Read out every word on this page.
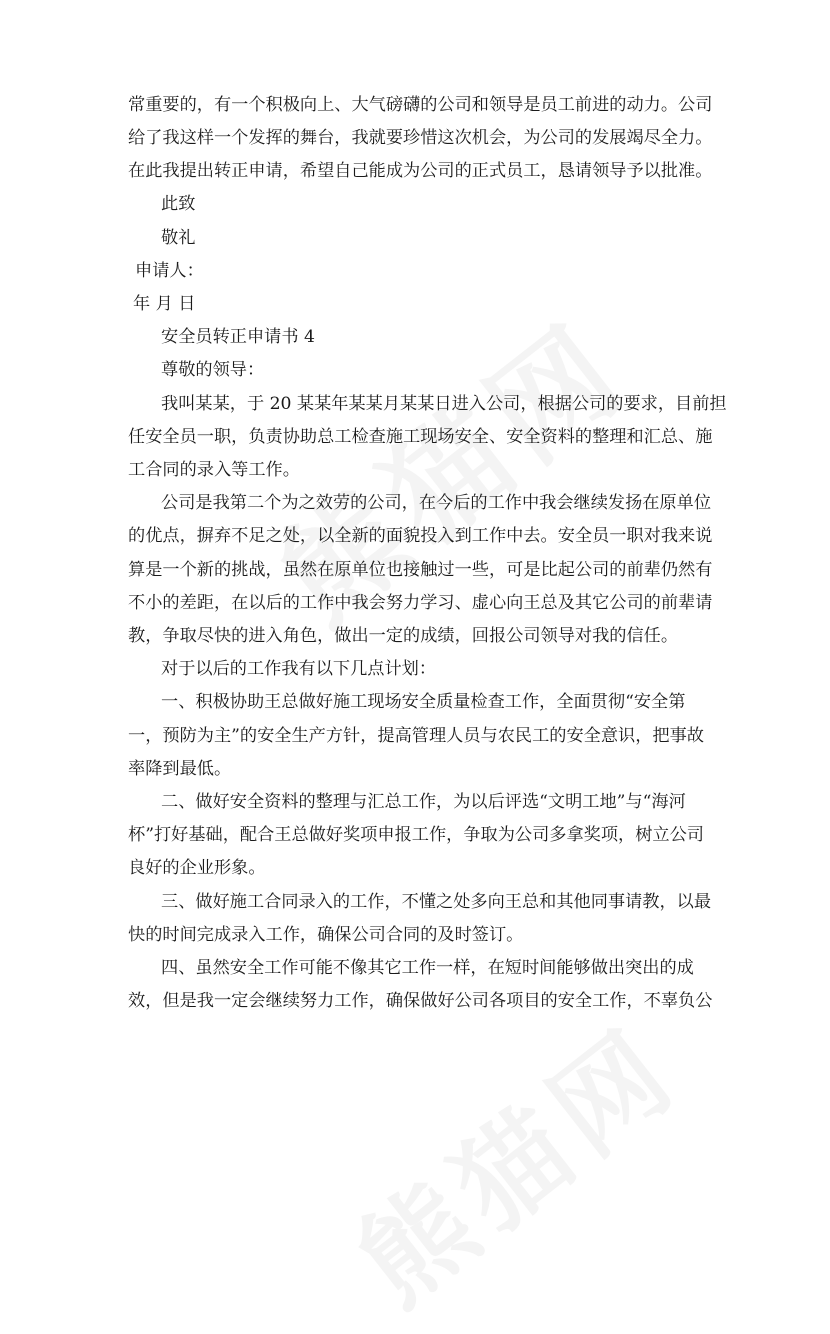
常重要的，有一个积极向上、大气磅礴的公司和领导是员工前进的动力。公司
给了我这样一个发挥的舞台，我就要珍惜这次机会，为公司的发展竭尽全力。
在此我提出转正申请，希望自己能成为公司的正式员工，恳请领导予以批准。
此致
敬礼
申请人：
年 月 日
安全员转正申请书 4
尊敬的领导：
我叫某某，于 20 某某年某某月某某日进入公司，根据公司的要求，目前担
任安全员一职，负责协助总工检查施工现场安全、安全资料的整理和汇总、施
工合同的录入等工作。
公司是我第二个为之效劳的公司，在今后的工作中我会继续发扬在原单位
的优点，摒弃不足之处，以全新的面貌投入到工作中去。安全员一职对我来说
算是一个新的挑战，虽然在原单位也接触过一些，可是比起公司的前辈仍然有
不小的差距，在以后的工作中我会努力学习、虚心向王总及其它公司的前辈请
教，争取尽快的进入角色，做出一定的成绩，回报公司领导对我的信任。
对于以后的工作我有以下几点计划：
一、积极协助王总做好施工现场安全质量检查工作，全面贯彻“安全第
一，预防为主”的安全生产方针，提高管理人员与农民工的安全意识，把事故
率降到最低。
二、做好安全资料的整理与汇总工作，为以后评选“文明工地”与“海河
杯”打好基础，配合王总做好奖项申报工作，争取为公司多拿奖项，树立公司
良好的企业形象。
三、做好施工合同录入的工作，不懂之处多向王总和其他同事请教，以最
快的时间完成录入工作，确保公司合同的及时签订。
四、虽然安全工作可能不像其它工作一样，在短时间能够做出突出的成
效，但是我一定会继续努力工作，确保做好公司各项目的安全工作，不辜负公
